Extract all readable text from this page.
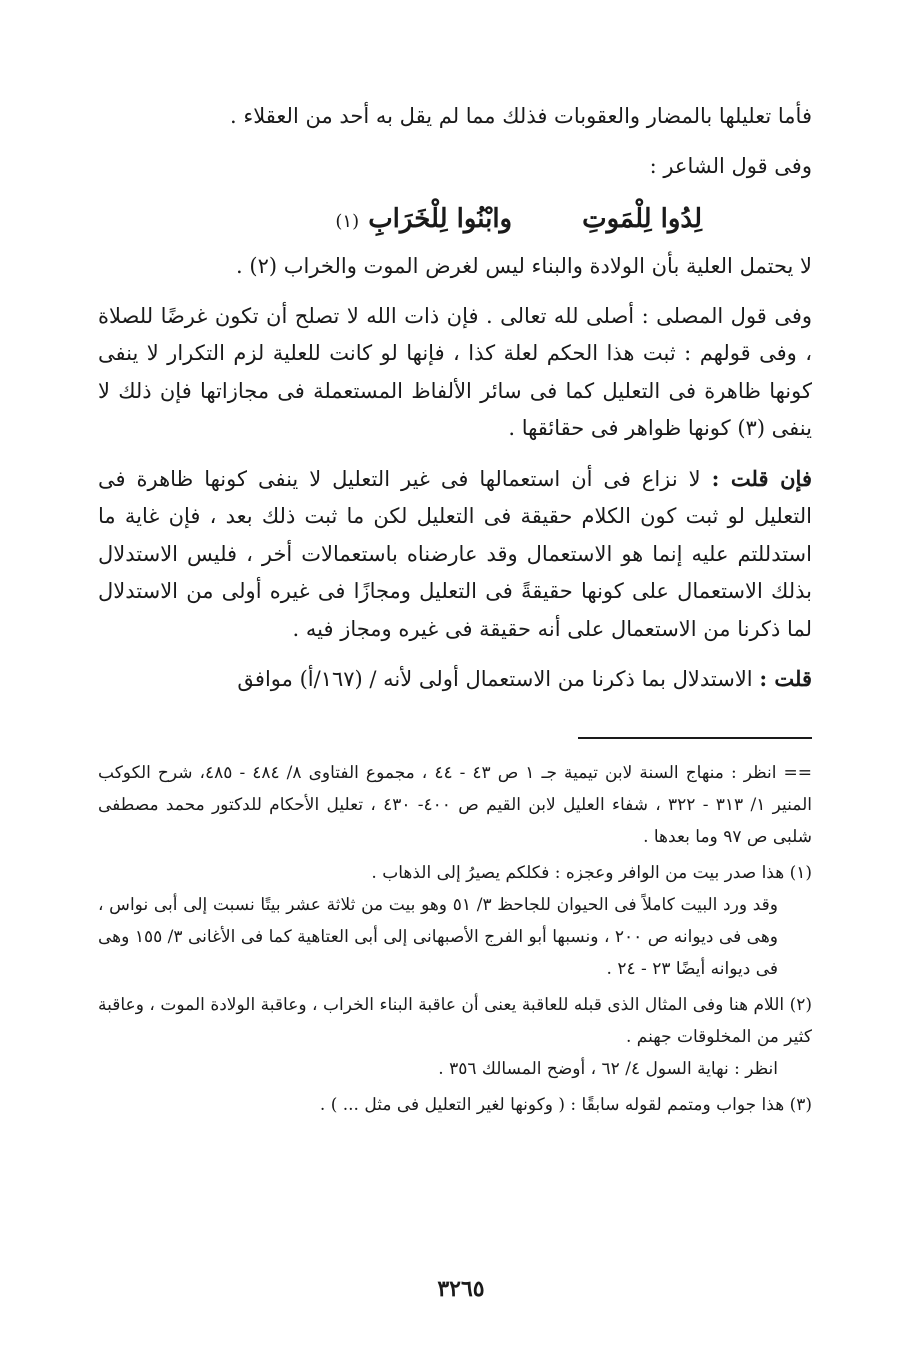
فأما تعليلها بالمضار والعقوبات فذلك مما لم يقل به أحد من العقلاء .

وفى قول الشاعر :

لِدُوا لِلْمَوتِ
وابْنُوا لِلْخَرَابِ (١)

لا يحتمل العلية بأن الولادة والبناء ليس لغرض الموت والخراب (٢) .

وفى قول المصلى : أصلى لله تعالى . فإن ذات الله لا تصلح أن تكون غرضًا للصلاة ، وفى قولهم : ثبت هذا الحكم لعلة كذا ، فإنها لو كانت للعلية لزم التكرار لا ينفى كونها ظاهرة فى التعليل كما فى سائر الألفاظ المستعملة فى مجازاتها فإن ذلك لا ينفى (٣) كونها ظواهر فى حقائقها .

فإن قلت : لا نزاع فى أن استعمالها فى غير التعليل لا ينفى كونها ظاهرة فى التعليل لو ثبت كون الكلام حقيقة فى التعليل لكن ما ثبت ذلك بعد ، فإن غاية ما استدللتم عليه إنما هو الاستعمال وقد عارضناه باستعمالات أخر ، فليس الاستدلال بذلك الاستعمال على كونها حقيقةً فى التعليل ومجازًا فى غيره أولى من الاستدلال لما ذكرنا من الاستعمال على أنه حقيقة فى غيره ومجاز فيه .

قلت : الاستدلال بما ذكرنا من الاستعمال أولى لأنه / (١٦٧/أ) موافق

== انظر : منهاج السنة لابن تيمية جـ ١ ص ٤٣ - ٤٤ ، مجموع الفتاوى ٨/ ٤٨٤ - ٤٨٥، شرح الكوكب المنير ١/ ٣١٣ - ٣٢٢ ، شفاء العليل لابن القيم ص ٤٠٠- ٤٣٠ ، تعليل الأحكام للدكتور محمد مصطفى شلبى ص ٩٧ وما بعدها .

(١) هذا صدر بيت من الوافر وعجزه : فكلكم يصيرُ إلى الذهاب .

وقد ورد البيت كاملاً فى الحيوان للجاحظ ٣/ ٥١ وهو بيت من ثلاثة عشر بيتًا نسبت إلى أبى نواس ، وهى فى ديوانه ص ٢٠٠ ، ونسبها أبو الفرج الأصبهانى إلى أبى العتاهية كما فى الأغانى ٣/ ١٥٥ وهى فى ديوانه أيضًا ٢٣ - ٢٤ .

(٢) اللام هنا وفى المثال الذى قبله للعاقبة يعنى أن عاقبة البناء الخراب ، وعاقبة الولادة الموت ، وعاقبة كثير من المخلوقات جهنم .

انظر : نهاية السول ٤/ ٦٢ ، أوضح المسالك ٣٥٦ .

(٣) هذا جواب ومتمم لقوله سابقًا : ( وكونها لغير التعليل فى مثل ... ) .

٣٢٦٥
